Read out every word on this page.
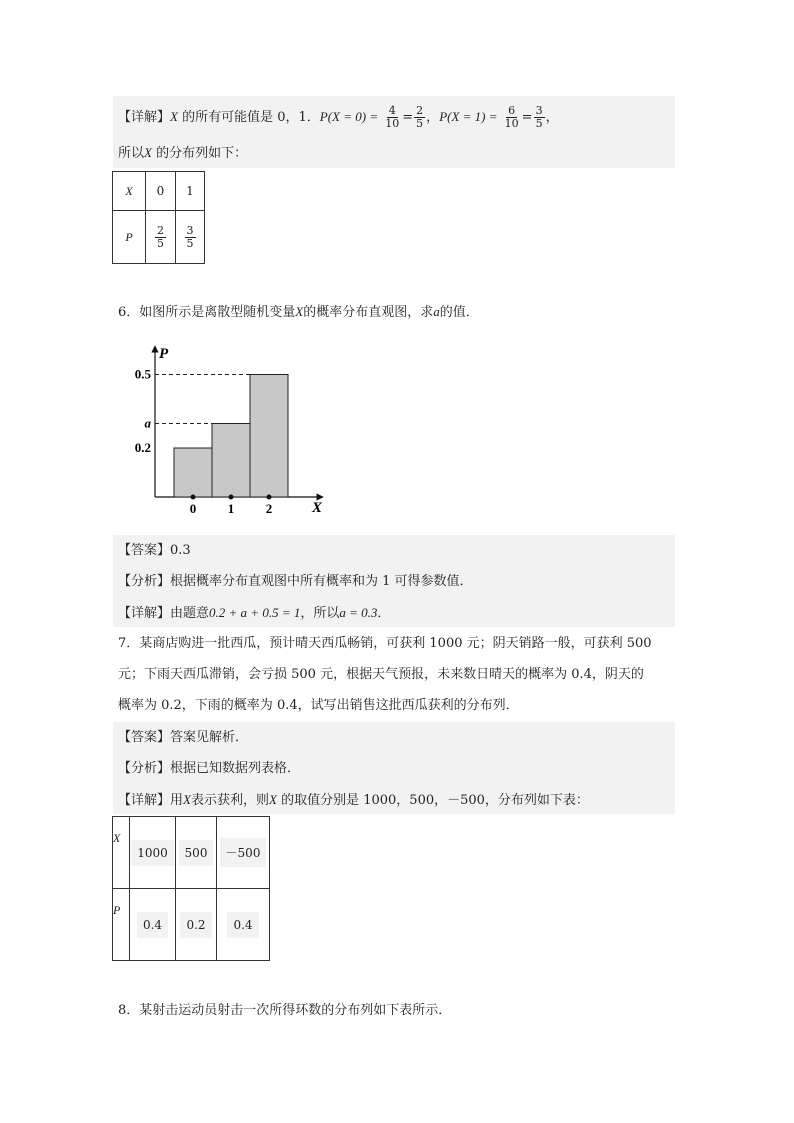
【详解】X 的所有可能值是 0，1．$P(X = 0) = \frac{4}{10} = \frac{2}{5}$ ，$P(X = 1) = \frac{6}{10} = \frac{3}{5}$ ，
所以X 的分布列如下：
X	0	1
P	$\frac{2}{5}$	$\frac{3}{5}$
6．如图所示是离散型随机变量X的概率分布直观图，求a的值．
P
X
0 1 2
0.2
a
0.5
【答案】0.3
【分析】根据概率分布直观图中所有概率和为 1 可得参数值．
【详解】由题意0.2 + a + 0.5 = 1，所以a = 0.3．
7．某商店购进一批西瓜，预计晴天西瓜畅销，可获利 1000 元；阴天销路一般，可获利 500
元；下雨天西瓜滞销，会亏损 500 元，根据天气预报，未来数日晴天的概率为 0.4，阴天的
概率为 0.2，下雨的概率为 0.4，试写出销售这批西瓜获利的分布列．
【答案】答案见解析．
【分析】根据已知数据列表格．
【详解】用X表示获利，则X 的取值分别是 1000，500，－500，分布列如下表：
X	1000	500	－500
P	0.4	0.2	0.4
8．某射击运动员射击一次所得环数的分布列如下表所示．
